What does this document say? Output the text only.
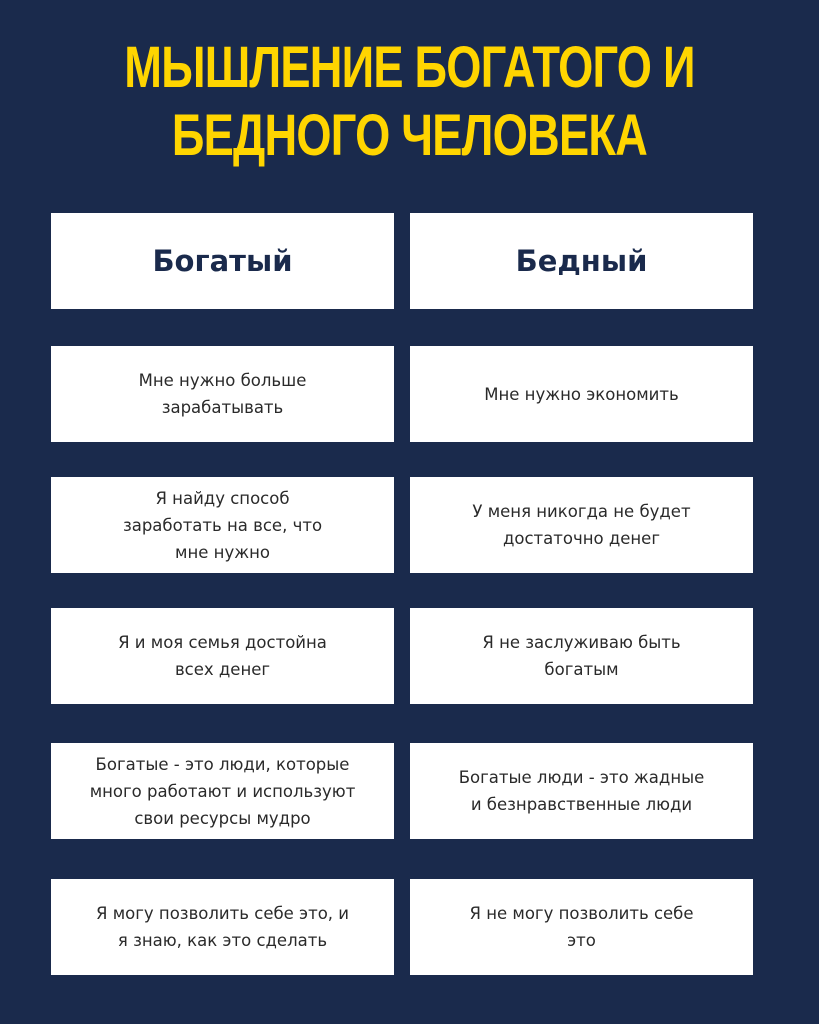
МЫШЛЕНИЕ БОГАТОГО И
БЕДНОГО ЧЕЛОВЕКА
Богатый	Бедный
Мне нужно больше
зарабатывать
Мне нужно экономить
Я найду способ
заработать на все, что
мне нужно
У меня никогда не будет
достаточно денег
Я и моя семья достойна
всех денег
Я не заслуживаю быть
богатым
Богатые - это люди, которые
много работают и используют
свои ресурсы мудро
Богатые люди - это жадные
и безнравственные люди
Я могу позволить себе это, и
я знаю, как это сделать
Я не могу позволить себе
это
